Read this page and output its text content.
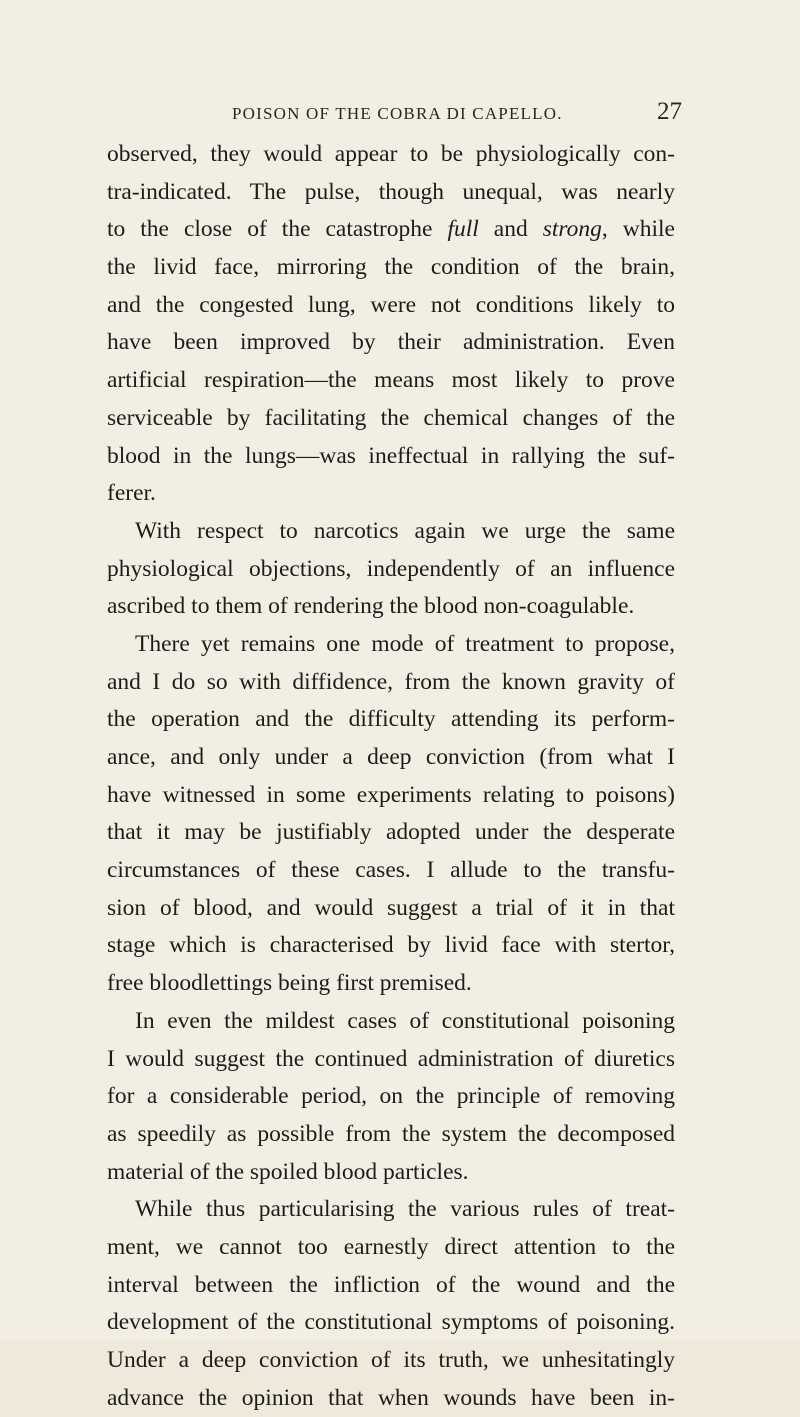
POISON OF THE COBRA DI CAPELLO.	27
observed, they would appear to be physiologically con-
tra-indicated. The pulse, though unequal, was nearly
to the close of the catastrophe full and strong, while
the livid face, mirroring the condition of the brain,
and the congested lung, were not conditions likely to
have been improved by their administration. Even
artificial respiration—the means most likely to prove
serviceable by facilitating the chemical changes of the
blood in the lungs—was ineffectual in rallying the suf-
ferer.
With respect to narcotics again we urge the same
physiological objections, independently of an influence
ascribed to them of rendering the blood non-coagulable.
There yet remains one mode of treatment to propose,
and I do so with diffidence, from the known gravity of
the operation and the difficulty attending its perform-
ance, and only under a deep conviction (from what I
have witnessed in some experiments relating to poisons)
that it may be justifiably adopted under the desperate
circumstances of these cases. I allude to the transfu-
sion of blood, and would suggest a trial of it in that
stage which is characterised by livid face with stertor,
free bloodlettings being first premised.
In even the mildest cases of constitutional poisoning
I would suggest the continued administration of diuretics
for a considerable period, on the principle of removing
as speedily as possible from the system the decomposed
material of the spoiled blood particles.
While thus particularising the various rules of treat-
ment, we cannot too earnestly direct attention to the
interval between the infliction of the wound and the
development of the constitutional symptoms of poisoning.
Under a deep conviction of its truth, we unhesitatingly
advance the opinion that when wounds have been in-
